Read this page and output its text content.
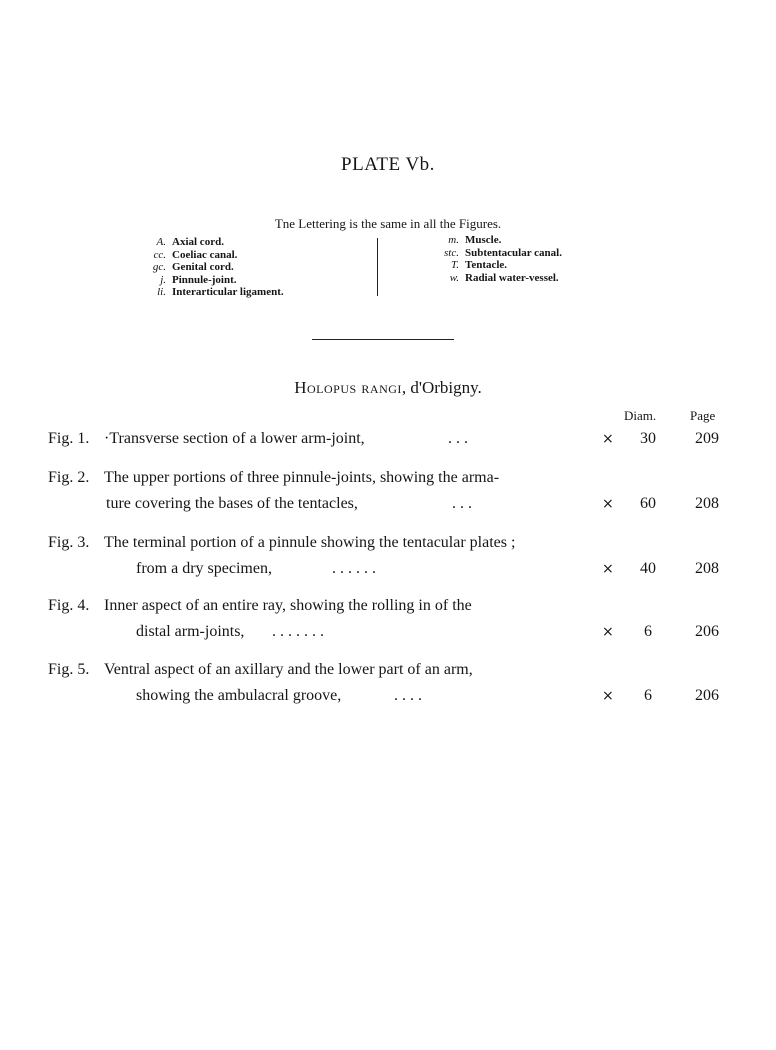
PLATE Vb.
Tne Lettering is the same in all the Figures.
A. Axial cord.
cc. Coeliac canal.
gc. Genital cord.
j. Pinnule-joint.
li. Interarticular ligament.
m. Muscle.
stc. Subtentacular canal.
T. Tentacle.
w. Radial water-vessel.
Holopus rangi, d'Orbigny.
Diam.	Page
Fig. 1. ·Transverse section of a lower arm-joint,	. . .	×	30	209
Fig. 2. The upper portions of three pinnule-joints, showing the arma-
ture covering the bases of the tentacles,	. . .	×	60	208
Fig. 3. The terminal portion of a pinnule showing the tentacular plates ;
from a dry specimen,	. . . . . .	×	40	208
Fig. 4. Inner aspect of an entire ray, showing the rolling in of the
distal arm-joints, . . . . . . .	×	6	206
Fig. 5. Ventral aspect of an axillary and the lower part of an arm,
showing the ambulacral groove,	. . . .	×	6	206
